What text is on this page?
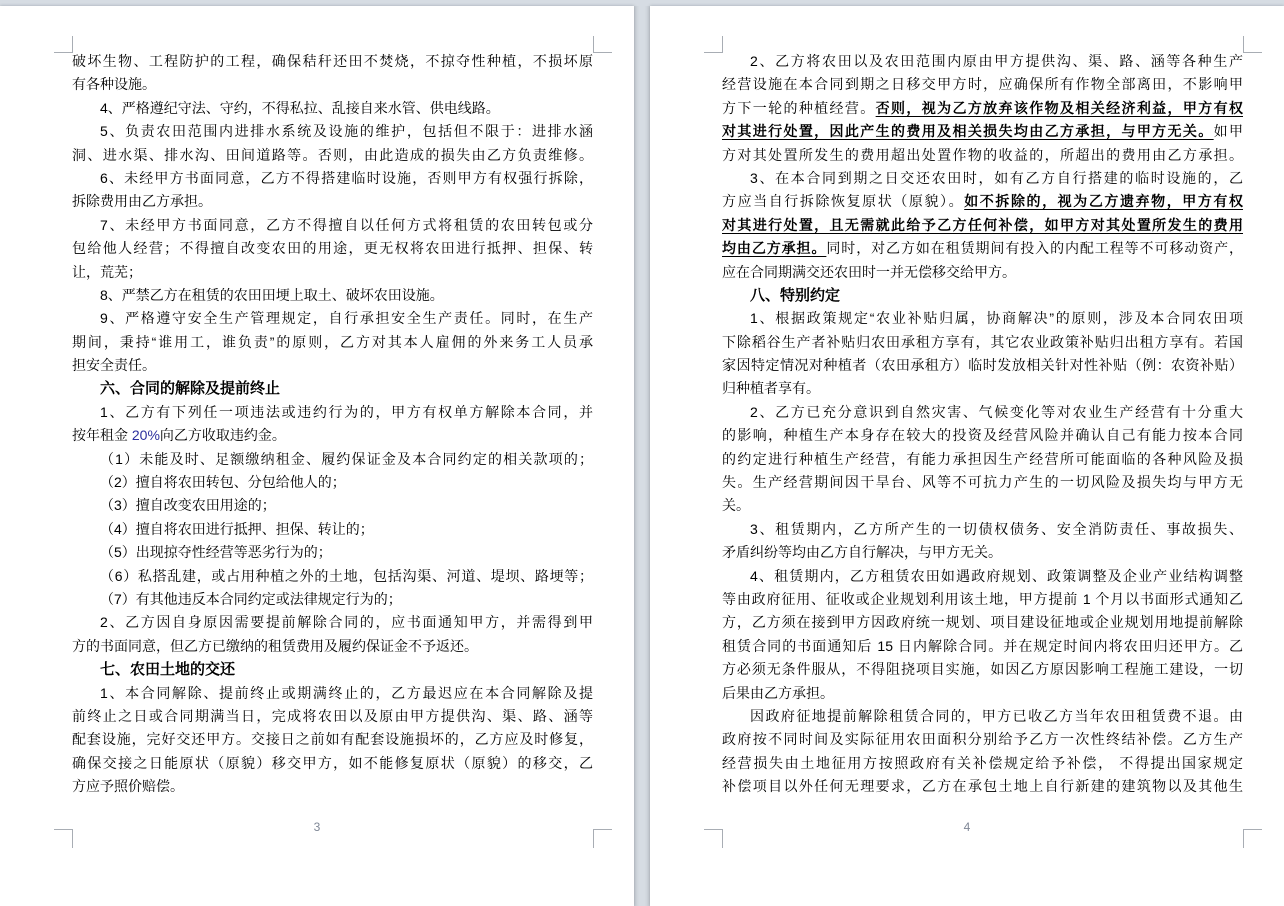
破坏生物、工程防护的工程，确保秸秆还田不焚烧，不掠夺性种植，不损坏原
有各种设施。
4、严格遵纪守法、守约，不得私拉、乱接自来水管、供电线路。
5、负责农田范围内进排水系统及设施的维护，包括但不限于：进排水涵
洞、进水渠、排水沟、田间道路等。否则，由此造成的损失由乙方负责维修。
6、未经甲方书面同意，乙方不得搭建临时设施，否则甲方有权强行拆除，
拆除费用由乙方承担。
7、未经甲方书面同意，乙方不得擅自以任何方式将租赁的农田转包或分
包给他人经营；不得擅自改变农田的用途，更无权将农田进行抵押、担保、转
让，荒芜；
8、严禁乙方在租赁的农田田埂上取土、破坏农田设施。
9、严格遵守安全生产管理规定，自行承担安全生产责任。同时，在生产
期间，秉持“谁用工，谁负责”的原则，乙方对其本人雇佣的外来务工人员承
担安全责任。
六、合同的解除及提前终止
1、乙方有下列任一项违法或违约行为的，甲方有权单方解除本合同，并
按年租金 20%向乙方收取违约金。
（1）未能及时、足额缴纳租金、履约保证金及本合同约定的相关款项的；
（2）擅自将农田转包、分包给他人的；
（3）擅自改变农田用途的；
（4）擅自将农田进行抵押、担保、转让的；
（5）出现掠夺性经营等恶劣行为的；
（6）私搭乱建，或占用种植之外的土地，包括沟渠、河道、堤坝、路埂等；
（7）有其他违反本合同约定或法律规定行为的；
2、乙方因自身原因需要提前解除合同的，应书面通知甲方，并需得到甲
方的书面同意，但乙方已缴纳的租赁费用及履约保证金不予返还。
七、农田土地的交还
1、本合同解除、提前终止或期满终止的，乙方最迟应在本合同解除及提
前终止之日或合同期满当日，完成将农田以及原由甲方提供沟、渠、路、涵等
配套设施，完好交还甲方。交接日之前如有配套设施损坏的，乙方应及时修复，
确保交接之日能原状（原貌）移交甲方，如不能修复原状（原貌）的移交，乙
方应予照价赔偿。
3
2、乙方将农田以及农田范围内原由甲方提供沟、渠、路、涵等各种生产
经营设施在本合同到期之日移交甲方时，应确保所有作物全部离田，不影响甲
方下一轮的种植经营。否则，视为乙方放弃该作物及相关经济利益，甲方有权
对其进行处置，因此产生的费用及相关损失均由乙方承担，与甲方无关。如甲
方对其处置所发生的费用超出处置作物的收益的，所超出的费用由乙方承担。
3、在本合同到期之日交还农田时，如有乙方自行搭建的临时设施的，乙
方应当自行拆除恢复原状（原貌）。如不拆除的，视为乙方遗弃物，甲方有权
对其进行处置，且无需就此给予乙方任何补偿，如甲方对其处置所发生的费用
均由乙方承担。同时，对乙方如在租赁期间有投入的内配工程等不可移动资产，
应在合同期满交还农田时一并无偿移交给甲方。
八、特别约定
1、根据政策规定“农业补贴归属，协商解决”的原则，涉及本合同农田项
下除稻谷生产者补贴归农田承租方享有，其它农业政策补贴归出租方享有。若国
家因特定情况对种植者（农田承租方）临时发放相关针对性补贴（例：农资补贴）
归种植者享有。
2、乙方已充分意识到自然灾害、气候变化等对农业生产经营有十分重大
的影响，种植生产本身存在较大的投资及经营风险并确认自己有能力按本合同
的约定进行种植生产经营，有能力承担因生产经营所可能面临的各种风险及损
失。生产经营期间因干旱台、风等不可抗力产生的一切风险及损失均与甲方无
关。
3、租赁期内，乙方所产生的一切债权债务、安全消防责任、事故损失、
矛盾纠纷等均由乙方自行解决，与甲方无关。
4、租赁期内，乙方租赁农田如遇政府规划、政策调整及企业产业结构调整
等由政府征用、征收或企业规划利用该土地，甲方提前 1 个月以书面形式通知乙
方，乙方须在接到甲方因政府统一规划、项目建设征地或企业规划用地提前解除
租赁合同的书面通知后 15 日内解除合同。并在规定时间内将农田归还甲方。乙
方必须无条件服从，不得阻挠项目实施，如因乙方原因影响工程施工建设，一切
后果由乙方承担。
因政府征地提前解除租赁合同的，甲方已收乙方当年农田租赁费不退。由
政府按不同时间及实际征用农田面积分别给予乙方一次性终结补偿。乙方生产
经营损失由土地征用方按照政府有关补偿规定给予补偿， 不得提出国家规定
补偿项目以外任何无理要求，乙方在承包土地上自行新建的建筑物以及其他生
4
